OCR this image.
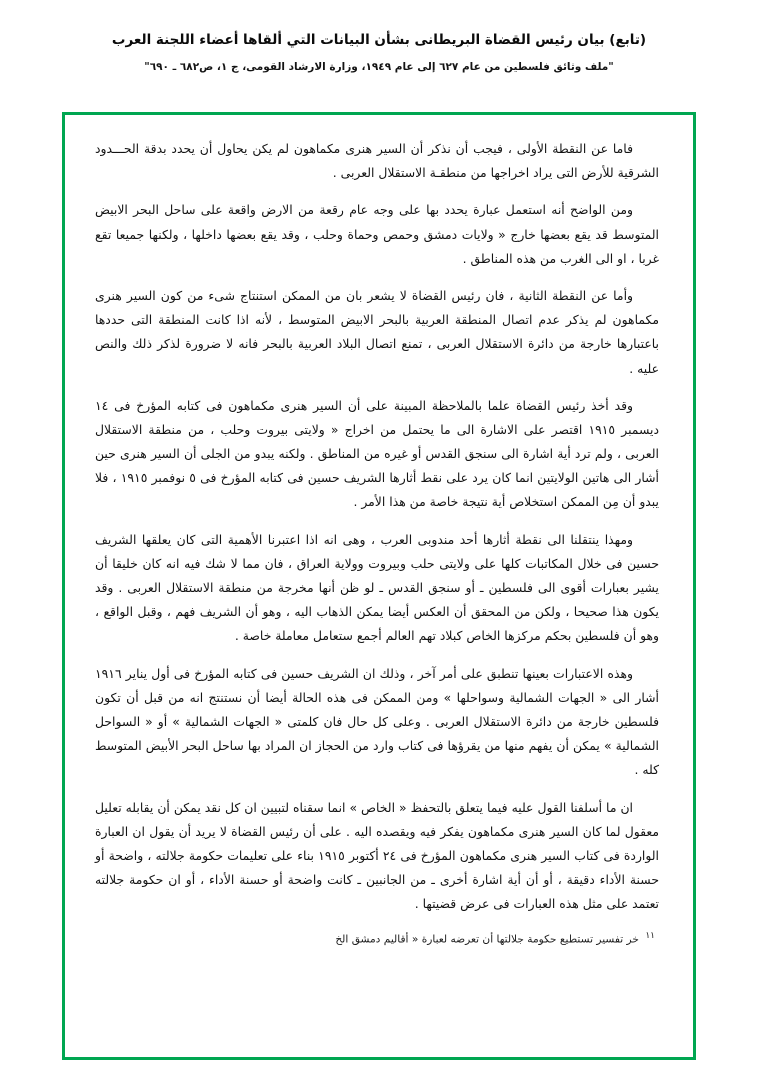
(تابع) بيان رئيس القضاة البريطانى بشأن البيانات التي ألقاها أعضاء اللجنة العرب

"ملف وثائق فلسطين من عام ٦٢٧ إلى عام ١٩٤٩، وزارة الارشاد القومى، ج ١، ص٦٨٢ ـ ٦٩٠"

فاما عن النقطة الأولى ، فيجب أن نذكر أن السير هنرى مكماهون لم يكن يحاول أن يحدد بدقة الحـــدود الشرقية للأرض التى يراد اخراجها من منطقـة الاستقلال العربى .

ومن الواضح أنه استعمل عبارة يحدد بها على وجه عام رقعة من الارض واقعة على ساحل البحر الابيض المتوسط قد يقع بعضها خارج « ولايات دمشق وحمص وحماة وحلب ، وقد يقع بعضها داخلها ، ولكنها جميعا تقع غربا ، او الى الغرب من هذه المناطق .

وأما عن النقطة الثانية ، فان رئيس القضاة لا يشعر بان من الممكن استنتاج شىء من كون السير هنرى مكماهون لم يذكر عدم اتصال المنطقة العربية بالبحر الابيض المتوسط ، لأنه اذا كانت المنطقة التى حددها باعتبارها خارجة من دائرة الاستقلال العربى ، تمنع اتصال البلاد العربية بالبحر فانه لا ضرورة لذكر ذلك والنص عليه .

وقد أخذ رئيس القضاة علما بالملاحظة المبينة على أن السير هنرى مكماهون فى كتابه المؤرخ فى ١٤ ديسمبر ١٩١٥ اقتصر على الاشارة الى ما يحتمل من اخراج « ولايتى بيروت وحلب ، من منطقة الاستقلال العربى ، ولم ترد أية اشارة الى سنجق القدس أو غيره من المناطق . ولكنه يبدو من الجلى أن السير هنرى حين أشار الى هاتين الولايتين انما كان يرد على نقط أثارها الشريف حسين فى كتابه المؤرخ فى ٥ نوفمبر ١٩١٥ ، فلا يبدو أن مِن الممكن استخلاص أية نتيجة خاصة من هذا الأمر .

ومهذا ينتقلنا الى نقطة أثارها أحد مندوبى العرب ، وهى انه اذا اعتبرنا الأهمية التى كان يعلقها الشريف حسين فى خلال المكاتبات كلها على ولايتى حلب وبيروت وولاية العراق ، فان مما لا شك فيه انه كان خليقا أن يشير بعبارات أقوى الى فلسطين ـ أو سنجق القدس ـ لو ظن أنها مخرجة من منطقة الاستقلال العربى . وقد يكون هذا صحيحا ، ولكن من المحقق أن العكس أيضا يمكن الذهاب اليه ، وهو أن الشريف فهم ، وقبل الواقع ، وهو أن فلسطين بحكم مركزها الخاص كبلاد تهم العالم أجمع ستعامل معاملة خاصة .

وهذه الاعتبارات بعينها تنطبق على أمر آخر ، وذلك ان الشريف حسين فى كتابه المؤرخ فى أول يناير ١٩١٦ أشار الى « الجهات الشمالية وسواحلها » ومن الممكن فى هذه الحالة أيضا أن نستنتج انه من قبل أن تكون فلسطين خارجة من دائرة الاستقلال العربى . وعلى كل حال فان كلمتى « الجهات الشمالية » أو « السواحل الشمالية » يمكن أن يفهم منها من يقرؤها فى كتاب وارد من الحجاز ان المراد بها ساحل البحر الأبيض المتوسط كله .

ان ما أسلفنا القول عليه فيما يتعلق بالتحفظ « الخاص » انما سقناه لتبيين ان كل نقد يمكن أن يقابله تعليل معقول لما كان السير هنرى مكماهون يفكر فيه ويقصده اليه . على أن رئيس القضاة لا يريد أن يقول ان العبارة الواردة فى كتاب السير هنرى مكماهون المؤرخ فى ٢٤ أكتوبر ١٩١٥ بناء على تعليمات حكومة جلالته ، واضحة أو حسنة الأداء دقيقة ، أو أن أية اشارة أخرى ـ من الجانبين ـ كانت واضحة أو حسنة الأداء ، أو ان حكومة جلالته تعتمد على مثل هذه العبارات فى عرض قضيتها .

$^{١١}$ خر تفسير تستطيع حكومة جلالتها أن تعرضه لعبارة « أقاليم دمشق الخ
